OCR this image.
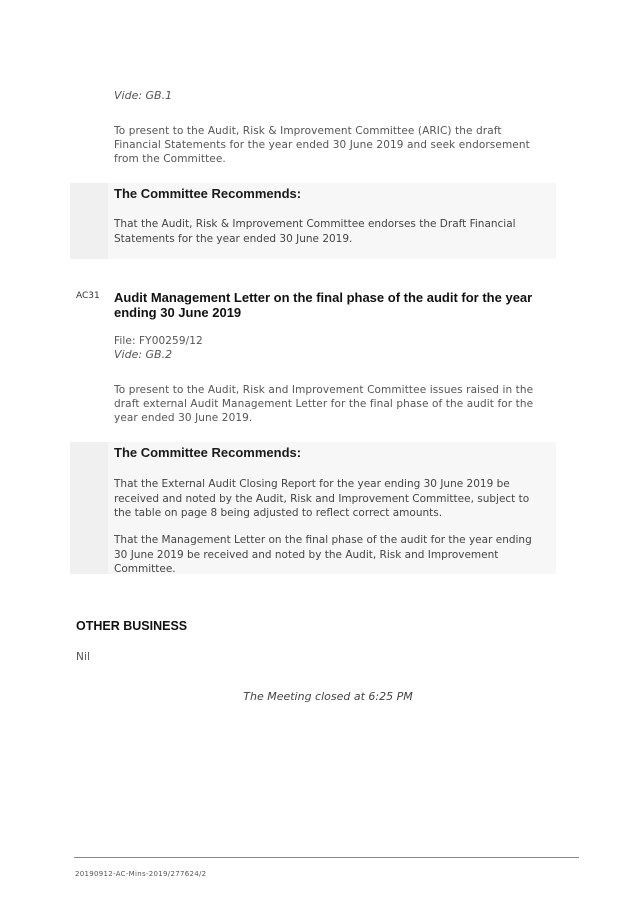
Vide: GB.1
To present to the Audit, Risk & Improvement Committee (ARIC) the draft Financial Statements for the year ended 30 June 2019 and seek endorsement from the Committee.
The Committee Recommends:
That the Audit, Risk & Improvement Committee endorses the Draft Financial Statements for the year ended 30 June 2019.
AC31 Audit Management Letter on the final phase of the audit for the year ending 30 June 2019
File: FY00259/12
Vide: GB.2
To present to the Audit, Risk and Improvement Committee issues raised in the draft external Audit Management Letter for the final phase of the audit for the year ended 30 June 2019.
The Committee Recommends:
That the External Audit Closing Report for the year ending 30 June 2019 be received and noted by the Audit, Risk and Improvement Committee, subject to the table on page 8 being adjusted to reflect correct amounts.
That the Management Letter on the final phase of the audit for the year ending 30 June 2019 be received and noted by the Audit, Risk and Improvement Committee.
OTHER BUSINESS
Nil
The Meeting closed at 6:25 PM
20190912-AC-Mins-2019/277624/2
